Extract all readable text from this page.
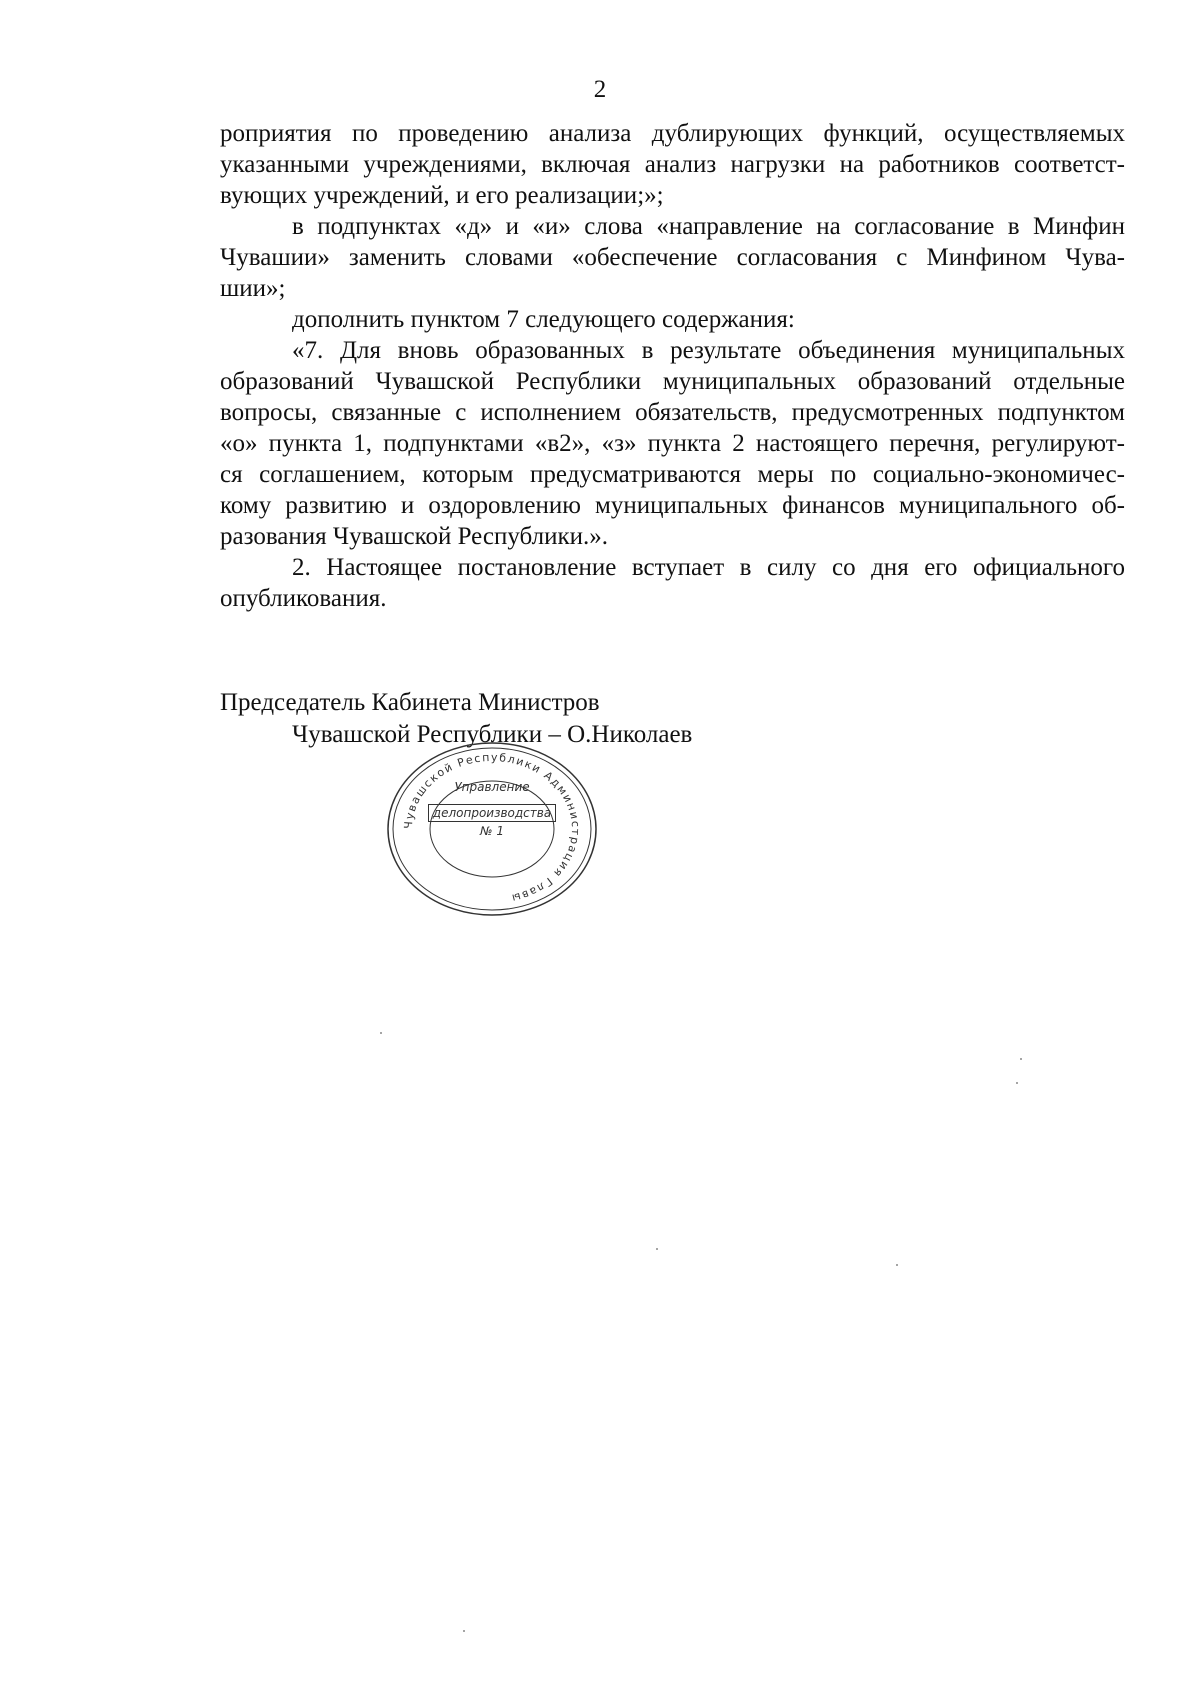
2
роприятия по проведению анализа дублирующих функций, осуществляемых
указанными учреждениями, включая анализ нагрузки на работников соответст-
вующих учреждений, и его реализации;»;
в подпунктах «д» и «и» слова «направление на согласование в Минфин
Чувашии» заменить словами «обеспечение согласования с Минфином Чува-
шии»;
дополнить пунктом 7 следующего содержания:
«7. Для вновь образованных в результате объединения муниципальных
образований Чувашской Республики муниципальных образований отдельные
вопросы, связанные с исполнением обязательств, предусмотренных подпунктом
«о» пункта 1, подпунктами «в2», «з» пункта 2 настоящего перечня, регулируют-
ся соглашением, которым предусматриваются меры по социально-экономичес-
кому развитию и оздоровлению муниципальных финансов муниципального об-
разования Чувашской Республики.».
2. Настоящее постановление вступает в силу со дня его официального
опубликования.
Председатель Кабинета Министров
Чувашской Республики – О.Николаев
Чувашской Республики Администрация Главы
Управление
делопроизводства
№ 1
